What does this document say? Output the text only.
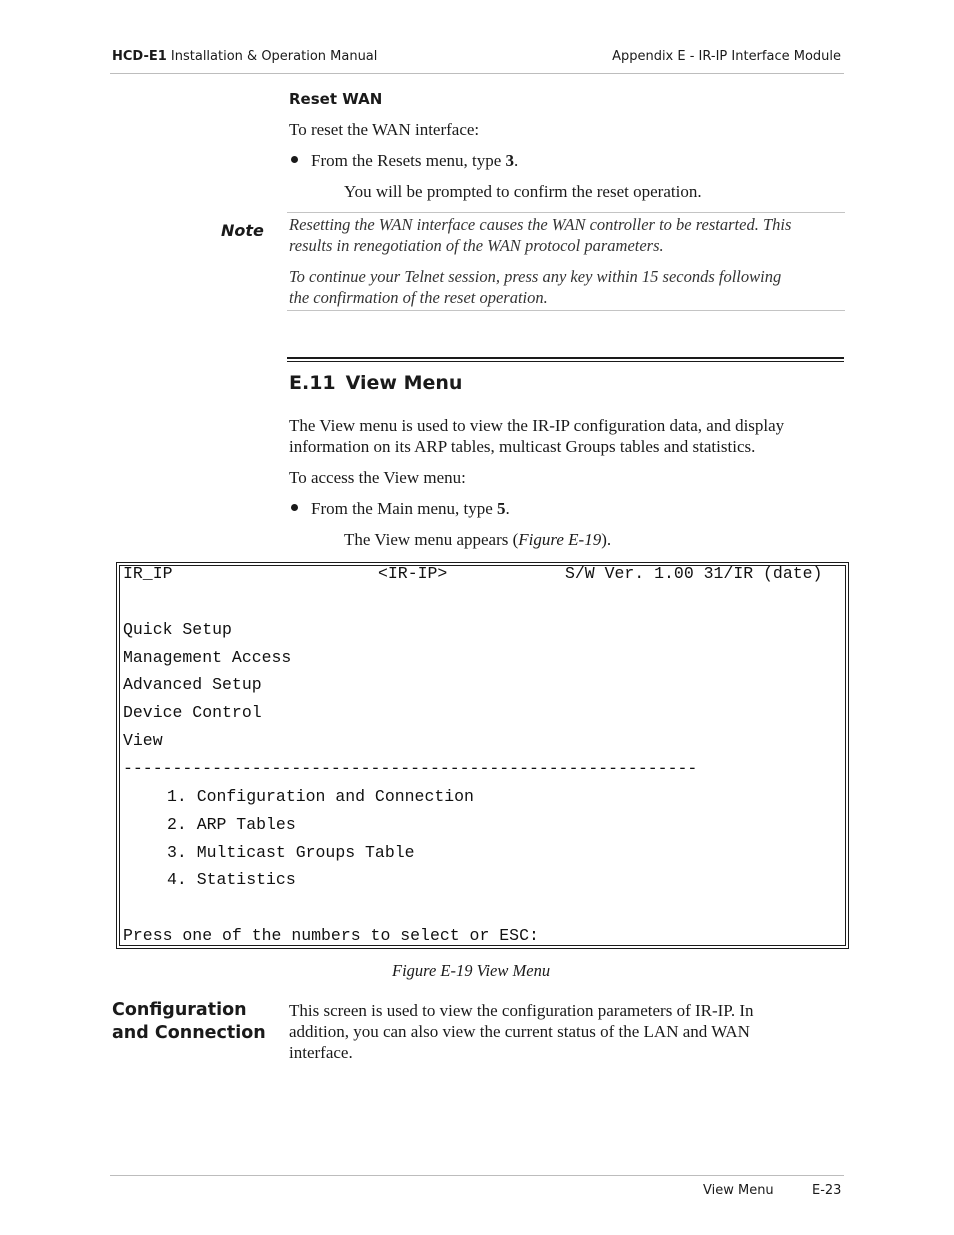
HCD-E1 Installation & Operation Manual	Appendix E - IR-IP Interface Module
Reset WAN
To reset the WAN interface:
From the Resets menu, type 3.
You will be prompted to confirm the reset operation.
Note Resetting the WAN interface causes the WAN controller to be restarted. This
results in renegotiation of the WAN protocol parameters.
To continue your Telnet session, press any key within 15 seconds following
the confirmation of the reset operation.
E.11 View Menu
The View menu is used to view the IR-IP configuration data, and display
information on its ARP tables, multicast Groups tables and statistics.
To access the View menu:
From the Main menu, type 5.
The View menu appears (Figure E-19).
IR_IP	<IR-IP>	S/W Ver. 1.00 31/IR (date)
Quick Setup
Management Access
Advanced Setup
Device Control
View
----------------------------------------------------------
1. Configuration and Connection
2. ARP Tables
3. Multicast Groups Table
4. Statistics
Press one of the numbers to select or ESC:
Figure E-19 View Menu
Configuration
and Connection
This screen is used to view the configuration parameters of IR-IP. In
addition, you can also view the current status of the LAN and WAN
interface.
View Menu	E-23
